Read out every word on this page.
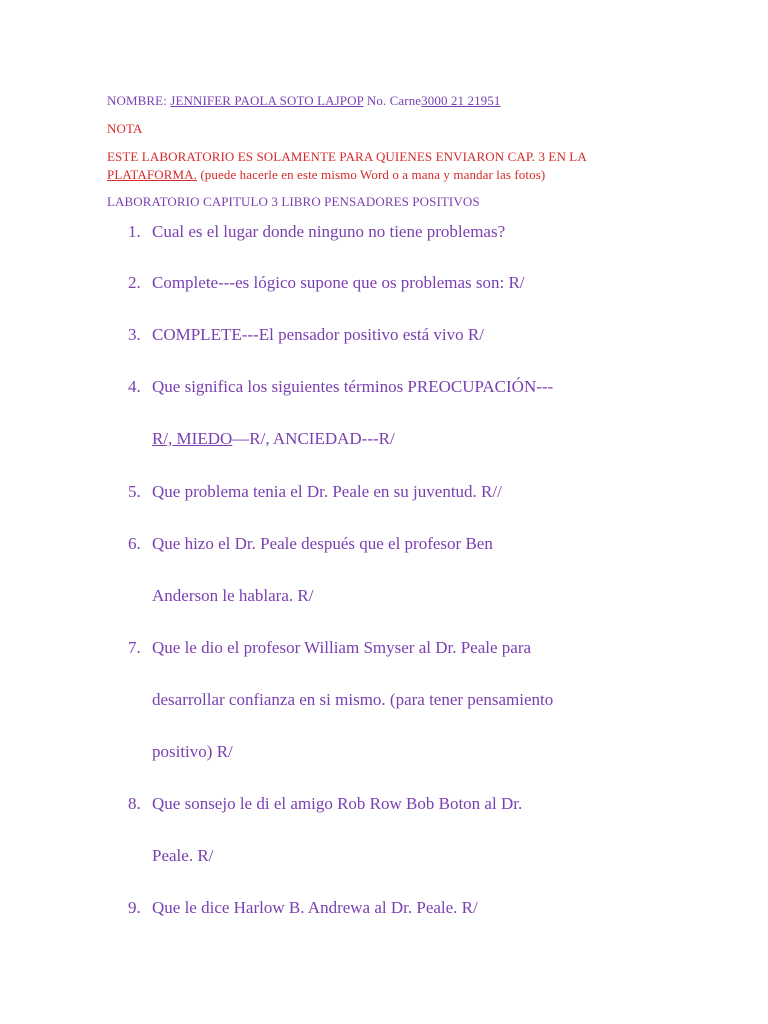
NOMBRE: JENNIFER PAOLA SOTO LAJPOP No. Carne3000 21 21951
NOTA
ESTE LABORATORIO ES SOLAMENTE PARA QUIENES ENVIARON CAP. 3 EN LA
PLATAFORMA. (puede hacerle en este mismo Word o a mana y mandar las fotos)
LABORATORIO CAPITULO 3 LIBRO PENSADORES POSITIVOS
1. Cual es el lugar donde ninguno no tiene problemas?
2. Complete---es lógico supone que os problemas son: R/
3. COMPLETE---El pensador positivo está vivo R/
4. Que significa los siguientes términos PREOCUPACIÓN---
R/, MIEDO—R/, ANCIEDAD---R/
5. Que problema tenia el Dr. Peale en su juventud. R//
6. Que hizo el Dr. Peale después que el profesor Ben
Anderson le hablara. R/
7. Que le dio el profesor William Smyser al Dr. Peale para
desarrollar confianza en si mismo. (para tener pensamiento
positivo) R/
8. Que sonsejo le di el amigo Rob Row Bob Boton al Dr.
Peale. R/
9. Que le dice Harlow B. Andrewa al Dr. Peale. R/
